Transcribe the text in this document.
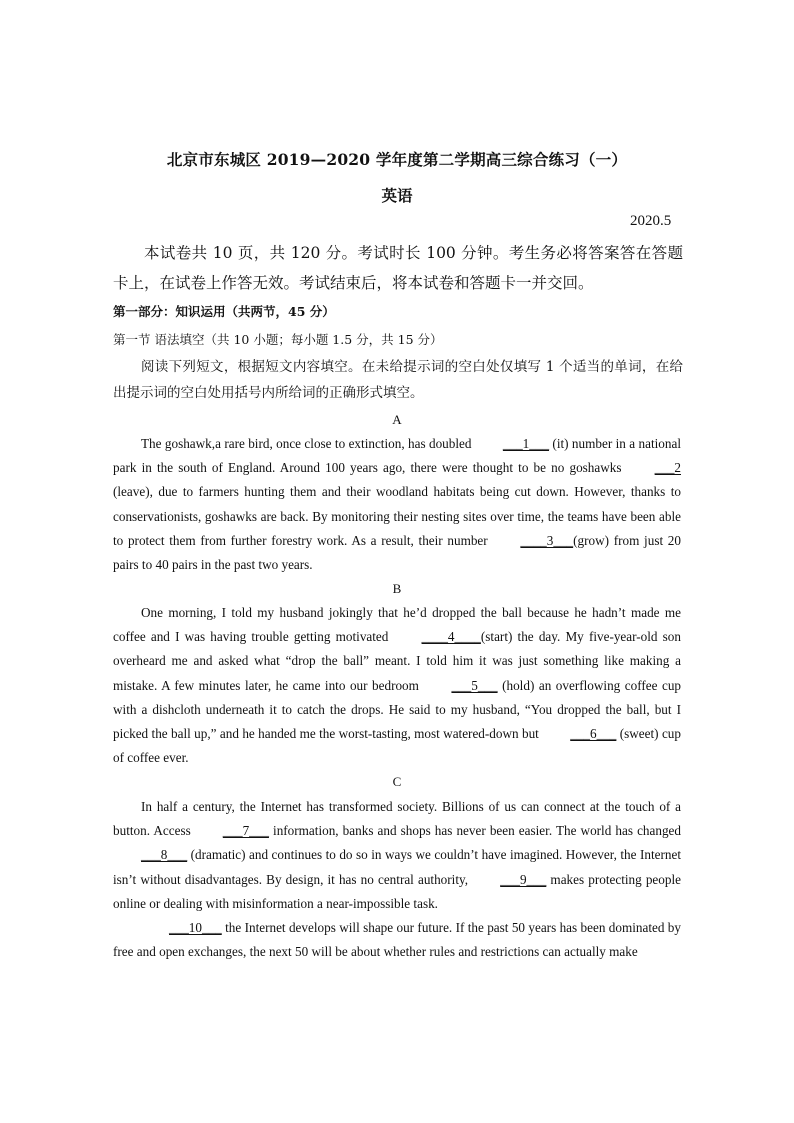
北京市东城区 2019—2020 学年度第二学期高三综合练习（一）
英语
2020.5
本试卷共 10 页，共 120 分。考试时长 100 分钟。考生务必将答案答在答题卡上，在试卷上作答无效。考试结束后，将本试卷和答题卡一并交回。
第一部分：知识运用（共两节，45 分）
第一节 语法填空（共 10 小题；每小题 1.5 分，共 15 分）
阅读下列短文，根据短文内容填空。在未给提示词的空白处仅填写 1 个适当的单词，在给出提示词的空白处用括号内所给词的正确形式填空。
A

The goshawk,a rare bird, once close to extinction, has doubled ___1___ (it) number in a national park in the south of England. Around 100 years ago, there were thought to be no goshawks ___2 (leave), due to farmers hunting them and their woodland habitats being cut down. However, thanks to conservationists, goshawks are back. By monitoring their nesting sites over time, the teams have been able to protect them from further forestry work. As a result, their number ____3___(grow) from just 20 pairs to 40 pairs in the past two years.

B

One morning, I told my husband jokingly that he’d dropped the ball because he hadn’t made me coffee and I was having trouble getting motivated ____4____(start) the day. My five-year-old son overheard me and asked what “drop the ball” meant. I told him it was just something like making a mistake. A few minutes later, he came into our bedroom ___5___ (hold) an overflowing coffee cup with a dishcloth underneath it to catch the drops. He said to my husband, “You dropped the ball, but I picked the ball up,” and he handed me the worst-tasting, most watered-down but ___6___ (sweet) cup of coffee ever.

C

In half a century, the Internet has transformed society. Billions of us can connect at the touch of a button. Access ___7___ information, banks and shops has never been easier. The world has changed ___8___ (dramatic) and continues to do so in ways we couldn’t have imagined. However, the Internet isn’t without disadvantages. By design, it has no central authority, ___9___ makes protecting people online or dealing with misinformation a near-impossible task.

___10___ the Internet develops will shape our future. If the past 50 years has been dominated by free and open exchanges, the next 50 will be about whether rules and restrictions can actually make
